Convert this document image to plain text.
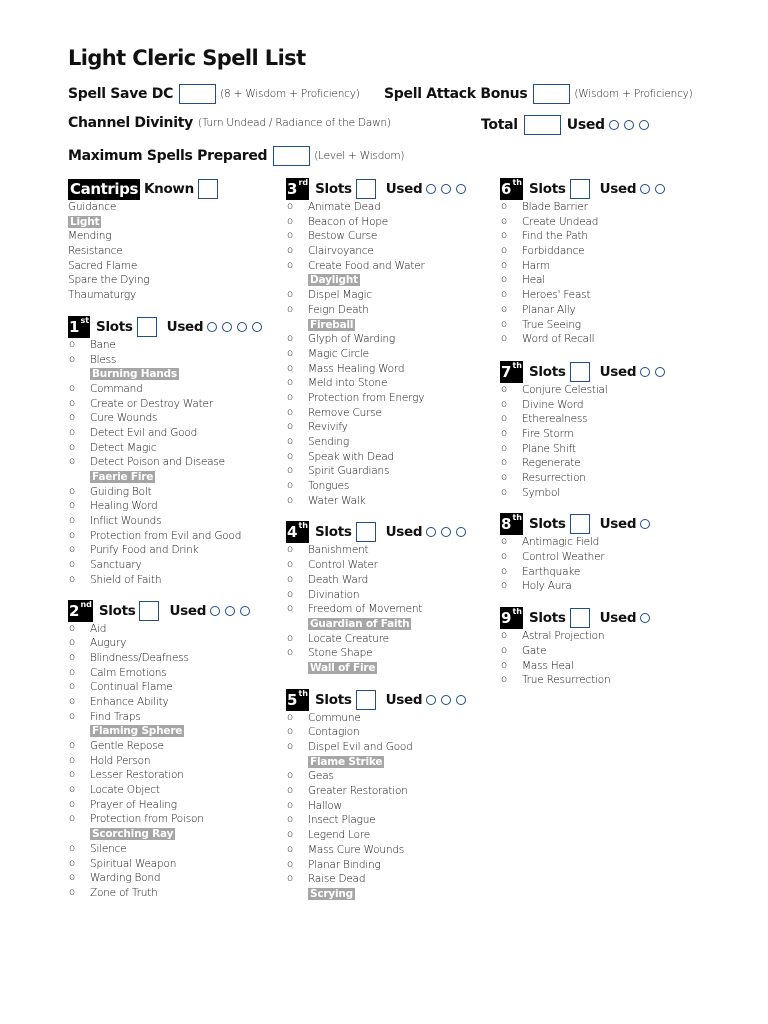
Light Cleric Spell List
Spell Save DC	(8 + Wisdom + Proficiency) Spell Attack Bonus	(Wisdom + Proficiency)
Channel Divinity (Turn Undead / Radiance of the Dawn)	Total	Used
Maximum Spells Prepared	(Level + Wisdom)
Cantrips Known
Guidance
Light
Mending
Resistance
Sacred Flame
Spare the Dying
Thaumaturgy
1st Slots	Used
o Bane
o Bless
Burning Hands
o Command
o Create or Destroy Water
o Cure Wounds
o Detect Evil and Good
o Detect Magic
o Detect Poison and Disease
Faerie Fire
o Guiding Bolt
o Healing Word
o Inflict Wounds
o Protection from Evil and Good
o Purify Food and Drink
o Sanctuary
o Shield of Faith
2nd Slots	Used
o Aid
o Augury
o Blindness/Deafness
o Calm Emotions
o Continual Flame
o Enhance Ability
o Find Traps
Flaming Sphere
o Gentle Repose
o Hold Person
o Lesser Restoration
o Locate Object
o Prayer of Healing
o Protection from Poison
Scorching Ray
o Silence
o Spiritual Weapon
o Warding Bond
o Zone of Truth
3rd Slots	Used
o Animate Dead
o Beacon of Hope
o Bestow Curse
o Clairvoyance
o Create Food and Water
Daylight
o Dispel Magic
o Feign Death
Fireball
o Glyph of Warding
o Magic Circle
o Mass Healing Word
o Meld into Stone
o Protection from Energy
o Remove Curse
o Revivify
o Sending
o Speak with Dead
o Spirit Guardians
o Tongues
o Water Walk
4th Slots	Used
o Banishment
o Control Water
o Death Ward
o Divination
o Freedom of Movement
Guardian of Faith
o Locate Creature
o Stone Shape
Wall of Fire
5th Slots	Used
o Commune
o Contagion
o Dispel Evil and Good
Flame Strike
o Geas
o Greater Restoration
o Hallow
o Insect Plague
o Legend Lore
o Mass Cure Wounds
o Planar Binding
o Raise Dead
Scrying
6th Slots	Used
o Blade Barrier
o Create Undead
o Find the Path
o Forbiddance
o Harm
o Heal
o Heroes' Feast
o Planar Ally
o True Seeing
o Word of Recall
7th Slots	Used
o Conjure Celestial
o Divine Word
o Etherealness
o Fire Storm
o Plane Shift
o Regenerate
o Resurrection
o Symbol
8th Slots	Used
o Antimagic Field
o Control Weather
o Earthquake
o Holy Aura
9th Slots	Used
o Astral Projection
o Gate
o Mass Heal
o True Resurrection
